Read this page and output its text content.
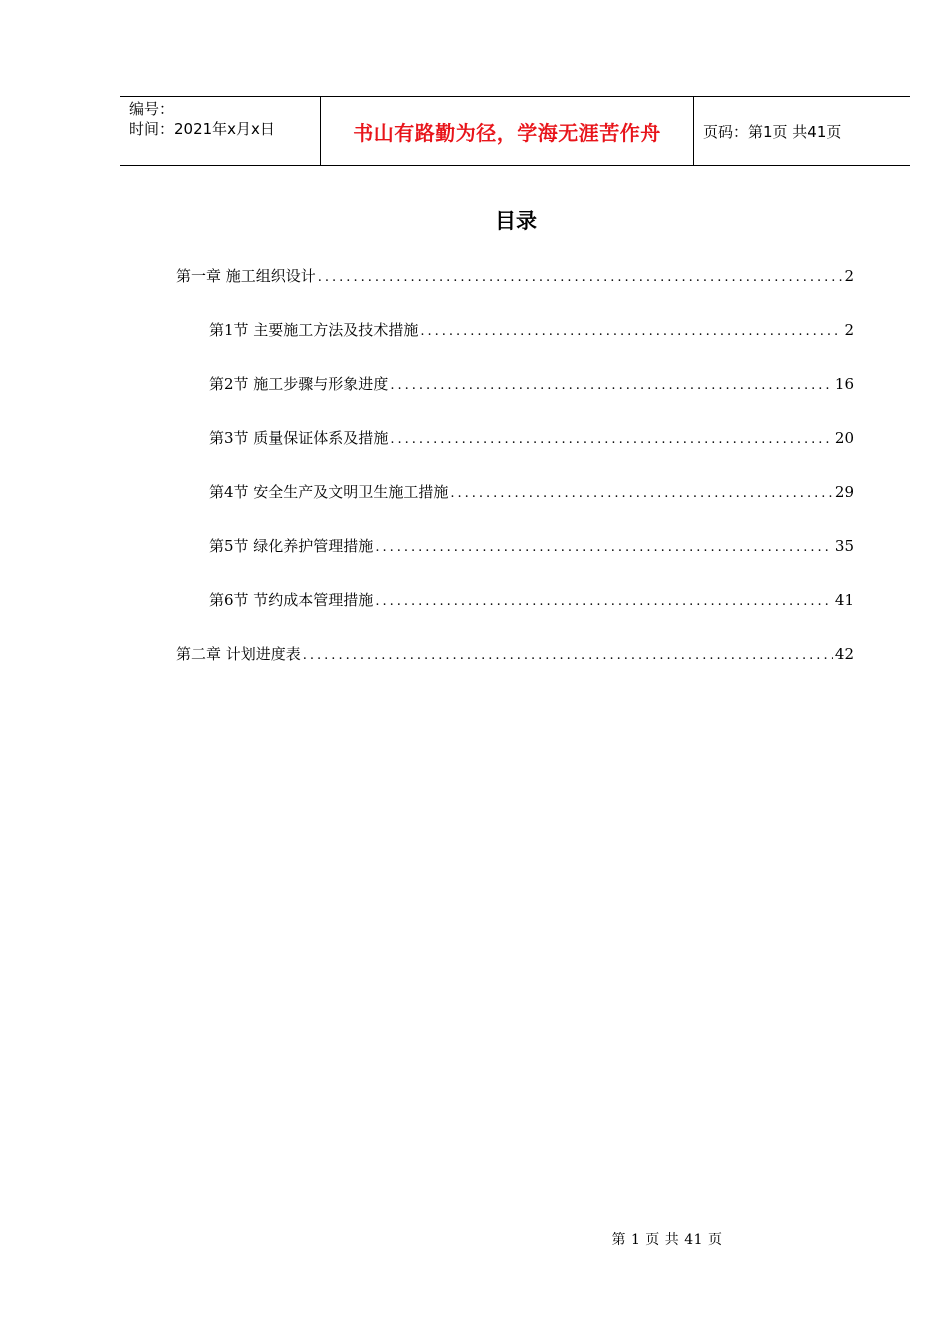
编号：
时间：2021年x月x日	书山有路勤为径，学海无涯苦作舟	页码：第1页 共41页
目录
第一章 施工组织设计 .....	2
第1节 主要施工方法及技术措施 .....	2
第2节 施工步骤与形象进度 .....	16
第3节 质量保证体系及措施 .....	20
第4节 安全生产及文明卫生施工措施 .....	29
第5节 绿化养护管理措施 .....	35
第6节 节约成本管理措施 .....	41
第二章 计划进度表 .....	42
第 1 页 共 41 页
